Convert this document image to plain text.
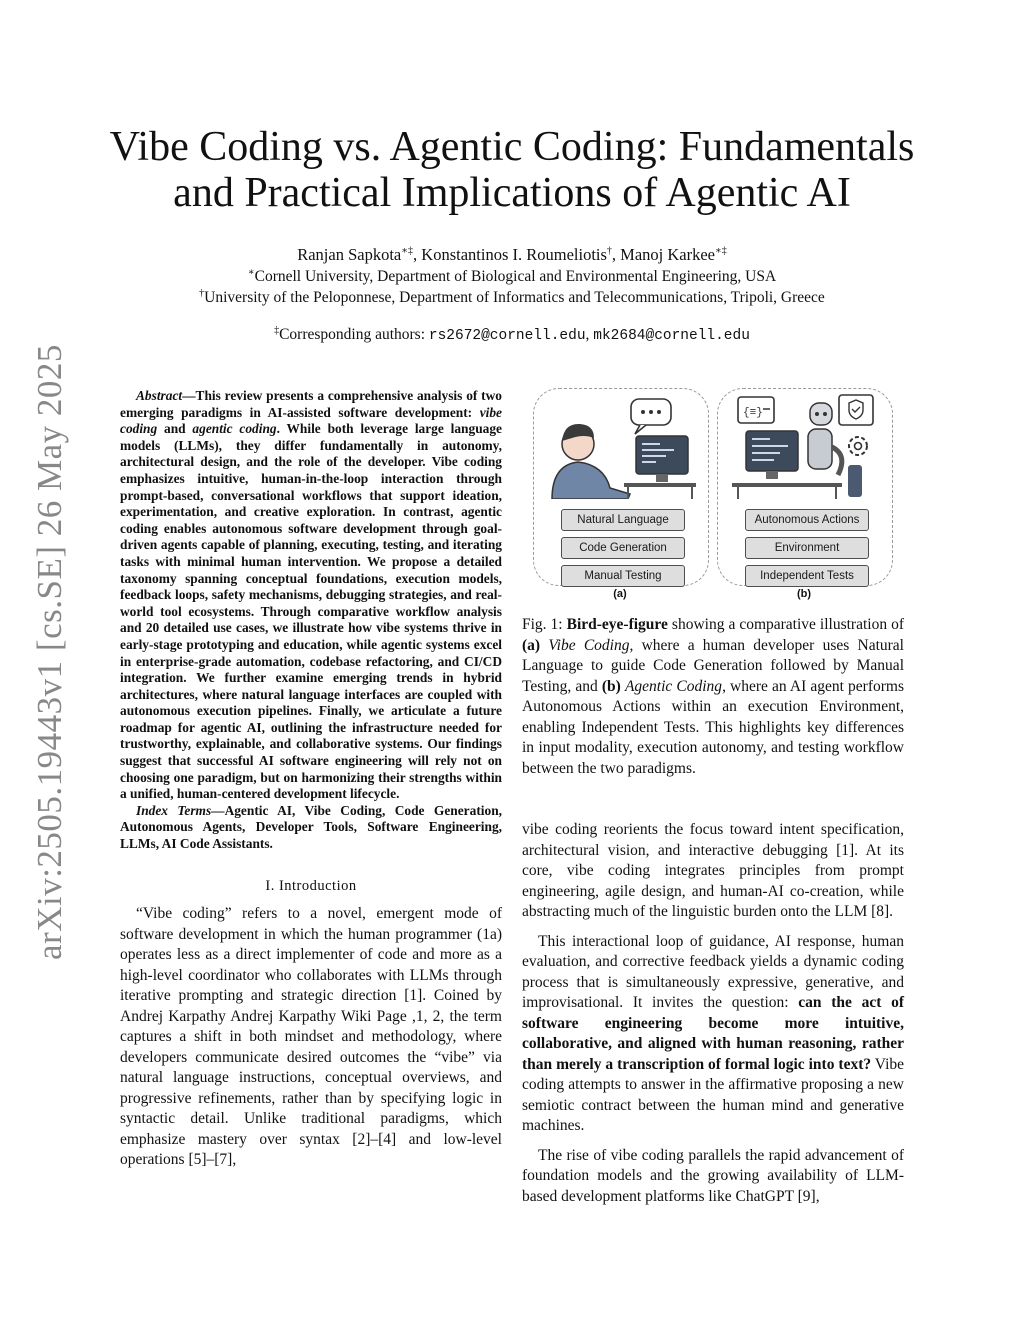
Vibe Coding vs. Agentic Coding: Fundamentals and Practical Implications of Agentic AI
Ranjan Sapkota∗‡, Konstantinos I. Roumeliotis†, Manoj Karkee∗‡
∗Cornell University, Department of Biological and Environmental Engineering, USA
†University of the Peloponnese, Department of Informatics and Telecommunications, Tripoli, Greece
‡Corresponding authors: rs2672@cornell.edu, mk2684@cornell.edu
arXiv:2505.19443v1 [cs.SE] 26 May 2025	Abstract—This review presents a comprehensive analysis of two emerging paradigms in AI-assisted software development: vibe coding and agentic coding. While both leverage large language models (LLMs), they differ fundamentally in autonomy, architectural design, and the role of the developer. Vibe coding emphasizes intuitive, human-in-the-loop interaction through prompt-based, conversational workflows that support ideation, experimentation, and creative exploration. In contrast, agentic coding enables autonomous software development through goal-driven agents capable of planning, executing, testing, and iterating tasks with minimal human intervention. We propose a detailed taxonomy spanning conceptual foundations, execution models, feedback loops, safety mechanisms, debugging strategies, and real-world tool ecosystems. Through comparative workflow analysis and 20 detailed use cases, we illustrate how vibe systems thrive in early-stage prototyping and education, while agentic systems excel in enterprise-grade automation, codebase refactoring, and CI/CD integration. We further examine emerging trends in hybrid architectures, where natural language interfaces are coupled with autonomous execution pipelines. Finally, we articulate a future roadmap for agentic AI, outlining the infrastructure needed for trustworthy, explainable, and collaborative systems. Our findings suggest that successful AI software engineering will rely not on choosing one paradigm, but on harmonizing their strengths within a unified, human-centered development lifecycle.

Index Terms—Agentic AI, Vibe Coding, Code Generation, Autonomous Agents, Developer Tools, Software Engineering, LLMs, AI Code Assistants.

I. Introduction

“Vibe coding” refers to a novel, emergent mode of software development in which the human programmer (1a) operates less as a direct implementer of code and more as a high-level coordinator who collaborates with LLMs through iterative prompting and strategic direction [1]. Coined by Andrej Karpathy Andrej Karpathy Wiki Page ,1, 2, the term captures a shift in both mindset and methodology, where developers communicate desired outcomes the “vibe” via natural language instructions, conceptual overviews, and progressive refinements, rather than by specifying logic in syntactic detail. Unlike traditional paradigms, which emphasize mastery over syntax [2]–[4] and low-level operations [5]–[7],

Natural Language
Code Generation
Manual Testing
(a)
{≡}
Autonomous Actions
Environment
Independent Tests
(b)
Fig. 1: Bird-eye-figure showing a comparative illustration of (a) Vibe Coding, where a human developer uses Natural Language to guide Code Generation followed by Manual Testing, and (b) Agentic Coding, where an AI agent performs Autonomous Actions within an execution Environment, enabling Independent Tests. This highlights key differences in input modality, execution autonomy, and testing workflow between the two paradigms.

vibe coding reorients the focus toward intent specification, architectural vision, and interactive debugging [1]. At its core, vibe coding integrates principles from prompt engineering, agile design, and human-AI co-creation, while abstracting much of the linguistic burden onto the LLM [8].

This interactional loop of guidance, AI response, human evaluation, and corrective feedback yields a dynamic coding process that is simultaneously expressive, generative, and improvisational. It invites the question: can the act of software engineering become more intuitive, collaborative, and aligned with human reasoning, rather than merely a transcription of formal logic into text? Vibe coding attempts to answer in the affirmative proposing a new semiotic contract between the human mind and generative machines.

The rise of vibe coding parallels the rapid advancement of foundation models and the growing availability of LLM-based development platforms like ChatGPT [9],
